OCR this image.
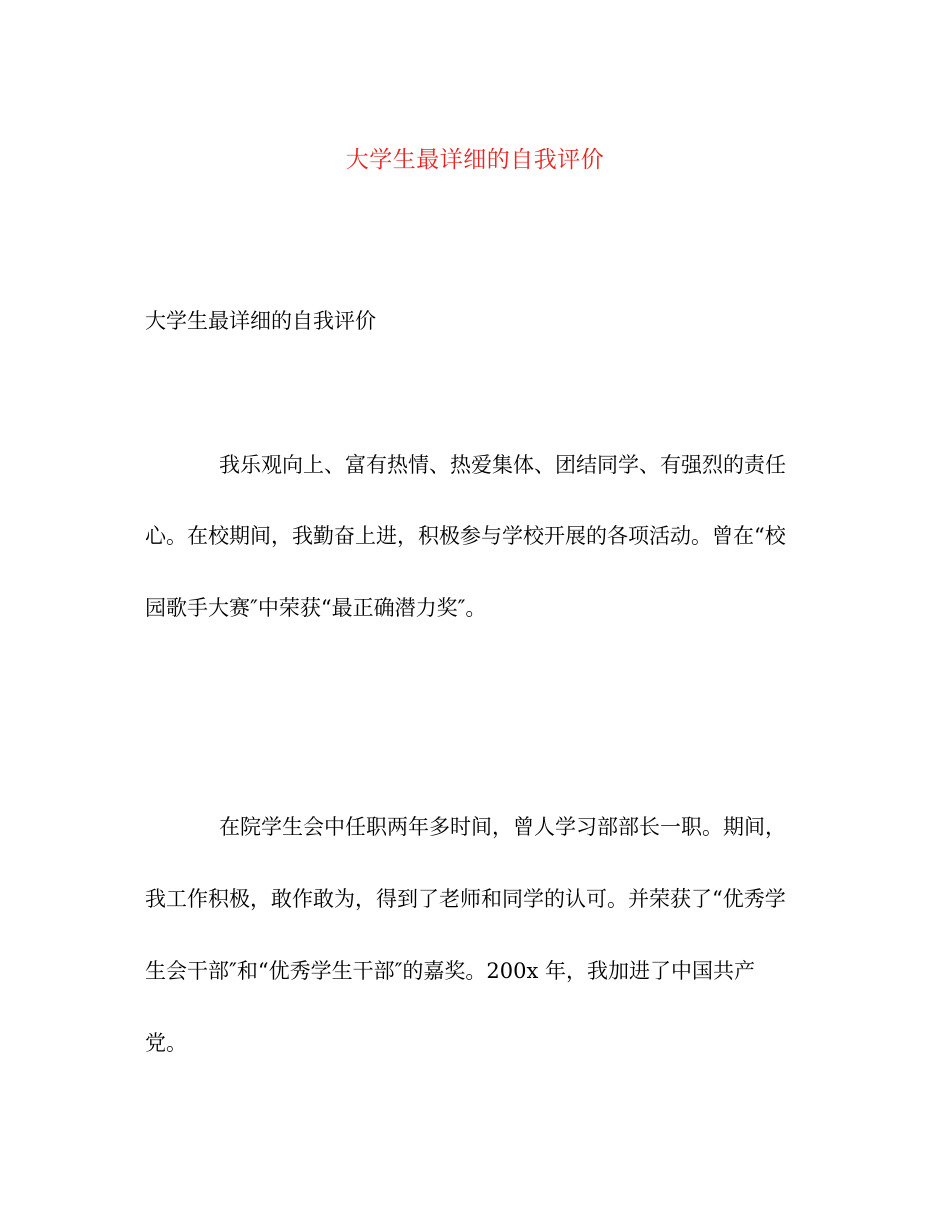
大学生最详细的自我评价
大学生最详细的自我评价
我乐观向上、富有热情、热爱集体、团结同学、有强烈的责任
心。在校期间，我勤奋上进，积极参与学校开展的各项活动。曾在“校
园歌手大赛″中荣获“最正确潜力奖″。
在院学生会中任职两年多时间，曾人学习部部长一职。期间，
我工作积极，敢作敢为，得到了老师和同学的认可。并荣获了“优秀学
生会干部″和“优秀学生干部″的嘉奖。200x 年，我加进了中国共产
党。
